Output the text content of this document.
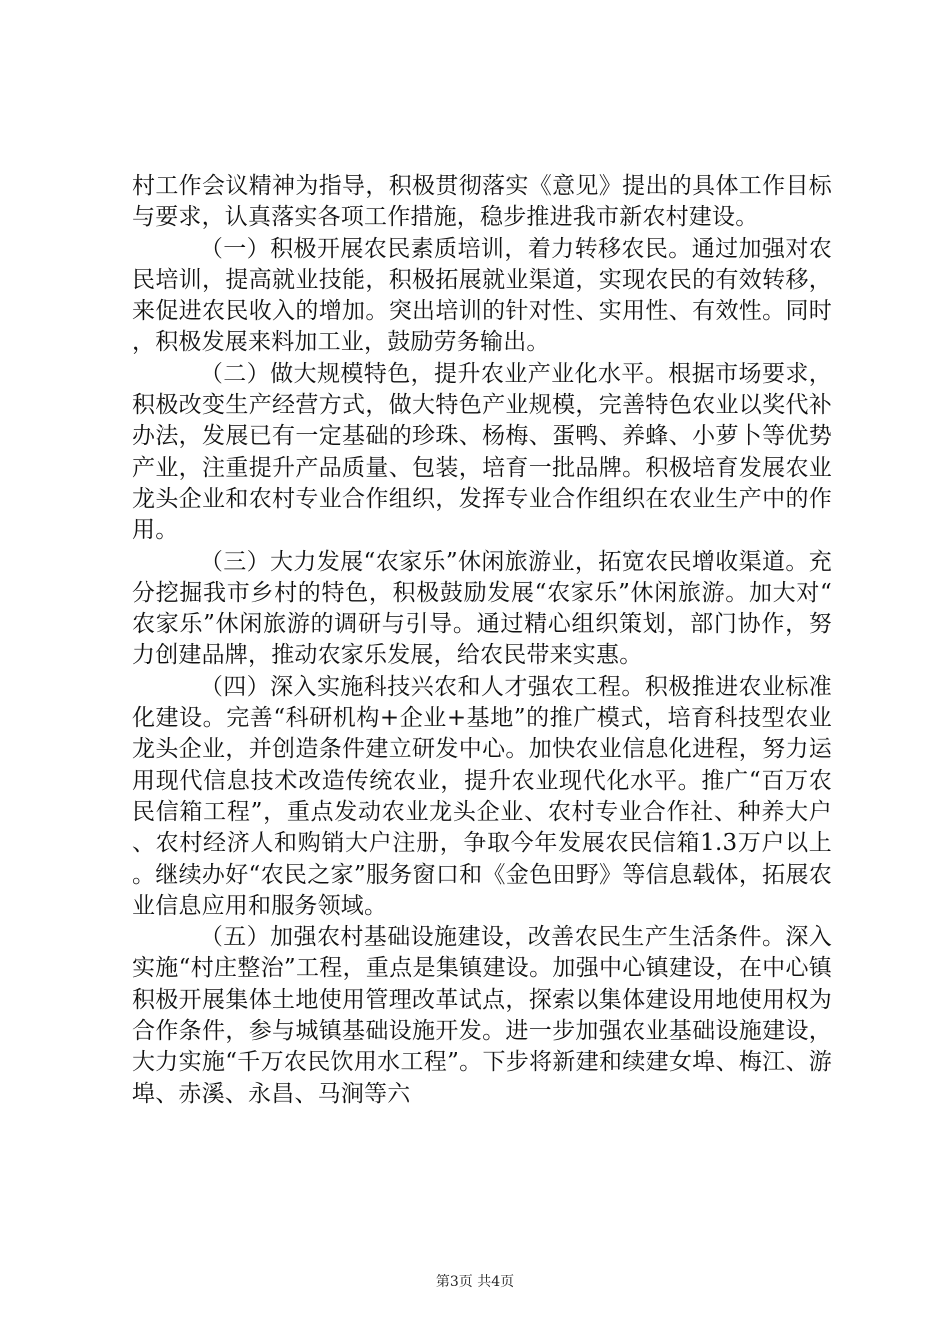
村工作会议精神为指导，积极贯彻落实《意见》提出的具体工作目标与要求，认真落实各项工作措施，稳步推进我市新农村建设。

（一）积极开展农民素质培训，着力转移农民。通过加强对农民培训，提高就业技能，积极拓展就业渠道，实现农民的有效转移，来促进农民收入的增加。突出培训的针对性、实用性、有效性。同时，积极发展来料加工业，鼓励劳务输出。

（二）做大规模特色，提升农业产业化水平。根据市场要求，积极改变生产经营方式，做大特色产业规模，完善特色农业以奖代补办法，发展已有一定基础的珍珠、杨梅、蛋鸭、养蜂、小萝卜等优势产业，注重提升产品质量、包装，培育一批品牌。积极培育发展农业龙头企业和农村专业合作组织，发挥专业合作组织在农业生产中的作用。

（三）大力发展“农家乐”休闲旅游业，拓宽农民增收渠道。充分挖掘我市乡村的特色，积极鼓励发展“农家乐”休闲旅游。加大对“农家乐”休闲旅游的调研与引导。通过精心组织策划，部门协作，努力创建品牌，推动农家乐发展，给农民带来实惠。

（四）深入实施科技兴农和人才强农工程。积极推进农业标准化建设。完善“科研机构+企业+基地”的推广模式，培育科技型农业龙头企业，并创造条件建立研发中心。加快农业信息化进程，努力运用现代信息技术改造传统农业，提升农业现代化水平。推广“百万农民信箱工程”，重点发动农业龙头企业、农村专业合作社、种养大户、农村经济人和购销大户注册，争取今年发展农民信箱1.3万户以上。继续办好“农民之家”服务窗口和《金色田野》等信息载体，拓展农业信息应用和服务领域。

（五）加强农村基础设施建设，改善农民生产生活条件。深入实施“村庄整治”工程，重点是集镇建设。加强中心镇建设，在中心镇积极开展集体土地使用管理改革试点，探索以集体建设用地使用权为合作条件，参与城镇基础设施开发。进一步加强农业基础设施建设，大力实施“千万农民饮用水工程”。下步将新建和续建女埠、梅江、游埠、赤溪、永昌、马涧等六

第3页 共4页
